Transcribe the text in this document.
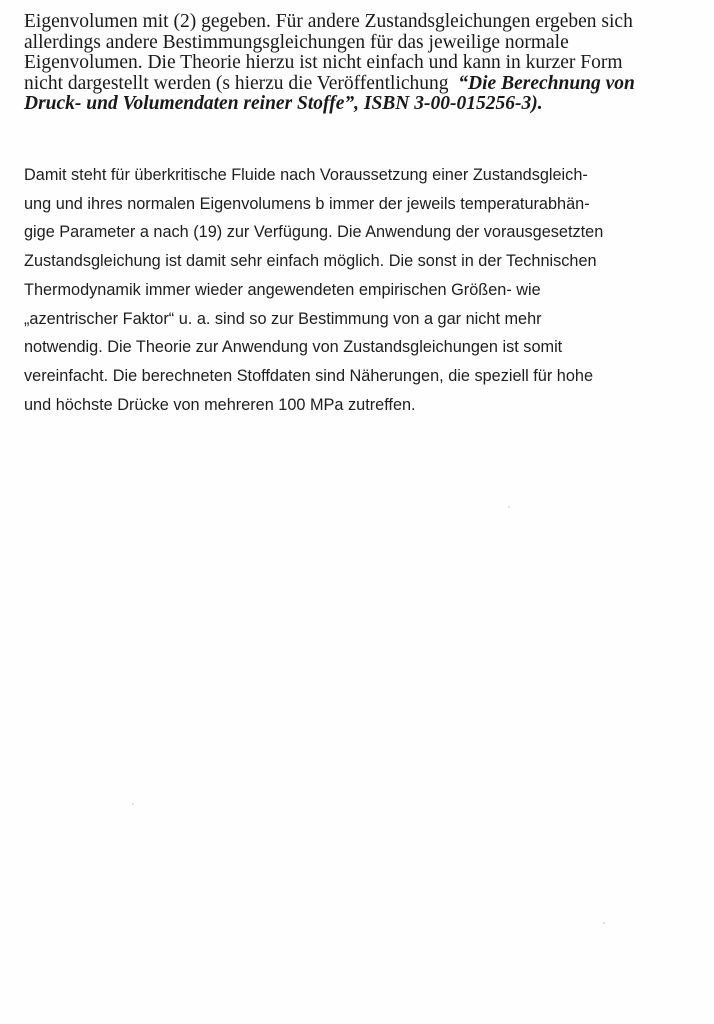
Eigenvolumen mit (2) gegeben. Für andere Zustandsgleichungen ergeben sich
allerdings andere Bestimmungsgleichungen für das jeweilige normale
Eigenvolumen. Die Theorie hierzu ist nicht einfach und kann in kurzer Form
nicht dargestellt werden (s hierzu die Veröffentlichung “Die Berechnung von
Druck- und Volumendaten reiner Stoffe”, ISBN 3-00-015256-3).
Damit steht für überkritische Fluide nach Voraussetzung einer Zustandsgleich-
ung und ihres normalen Eigenvolumens b immer der jeweils temperaturabhän-
gige Parameter a nach (19) zur Verfügung. Die Anwendung der vorausgesetzten
Zustandsgleichung ist damit sehr einfach möglich. Die sonst in der Technischen
Thermodynamik immer wieder angewendeten empirischen Größen- wie
„azentrischer Faktor“ u. a. sind so zur Bestimmung von a gar nicht mehr
notwendig. Die Theorie zur Anwendung von Zustandsgleichungen ist somit
vereinfacht. Die berechneten Stoffdaten sind Näherungen, die speziell für hohe
und höchste Drücke von mehreren 100 MPa zutreffen.
